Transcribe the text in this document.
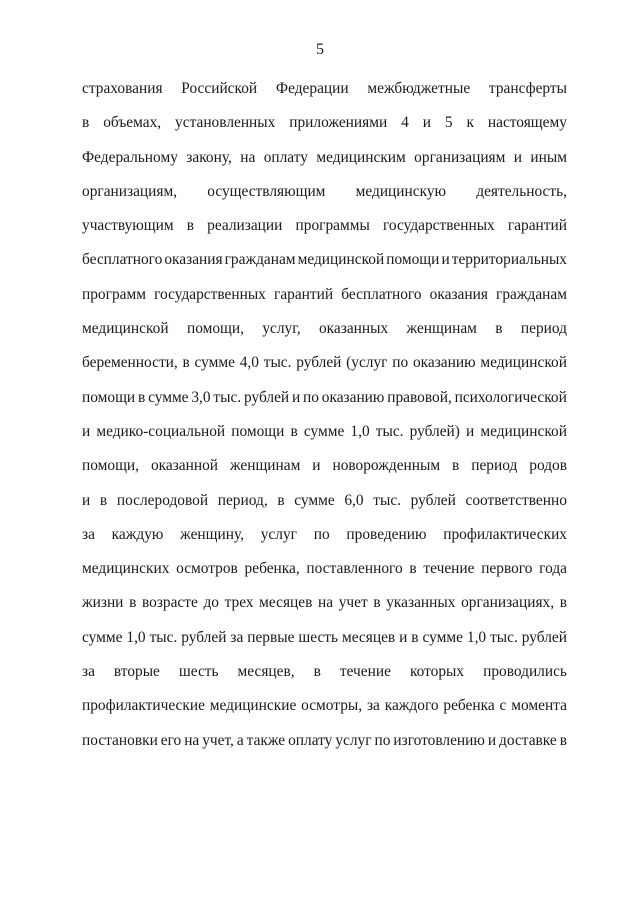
5
страхования Российской Федерации межбюджетные трансферты
в объемах, установленных приложениями 4 и 5 к настоящему
Федеральному закону, на оплату медицинским организациям и иным
организациям, осуществляющим медицинскую деятельность,
участвующим в реализации программы государственных гарантий
бесплатного оказания гражданам медицинской помощи и территориальных
программ государственных гарантий бесплатного оказания гражданам
медицинской помощи, услуг, оказанных женщинам в период
беременности, в сумме 4,0 тыс. рублей (услуг по оказанию медицинской
помощи в сумме 3,0 тыс. рублей и по оказанию правовой, психологической
и медико-социальной помощи в сумме 1,0 тыс. рублей) и медицинской
помощи, оказанной женщинам и новорожденным в период родов
и в послеродовой период, в сумме 6,0 тыс. рублей соответственно
за каждую женщину, услуг по проведению профилактических
медицинских осмотров ребенка, поставленного в течение первого года
жизни в возрасте до трех месяцев на учет в указанных организациях, в
сумме 1,0 тыс. рублей за первые шесть месяцев и в сумме 1,0 тыс. рублей
за вторые шесть месяцев, в течение которых проводились
профилактические медицинские осмотры, за каждого ребенка с момента
постановки его на учет, а также оплату услуг по изготовлению и доставке в
